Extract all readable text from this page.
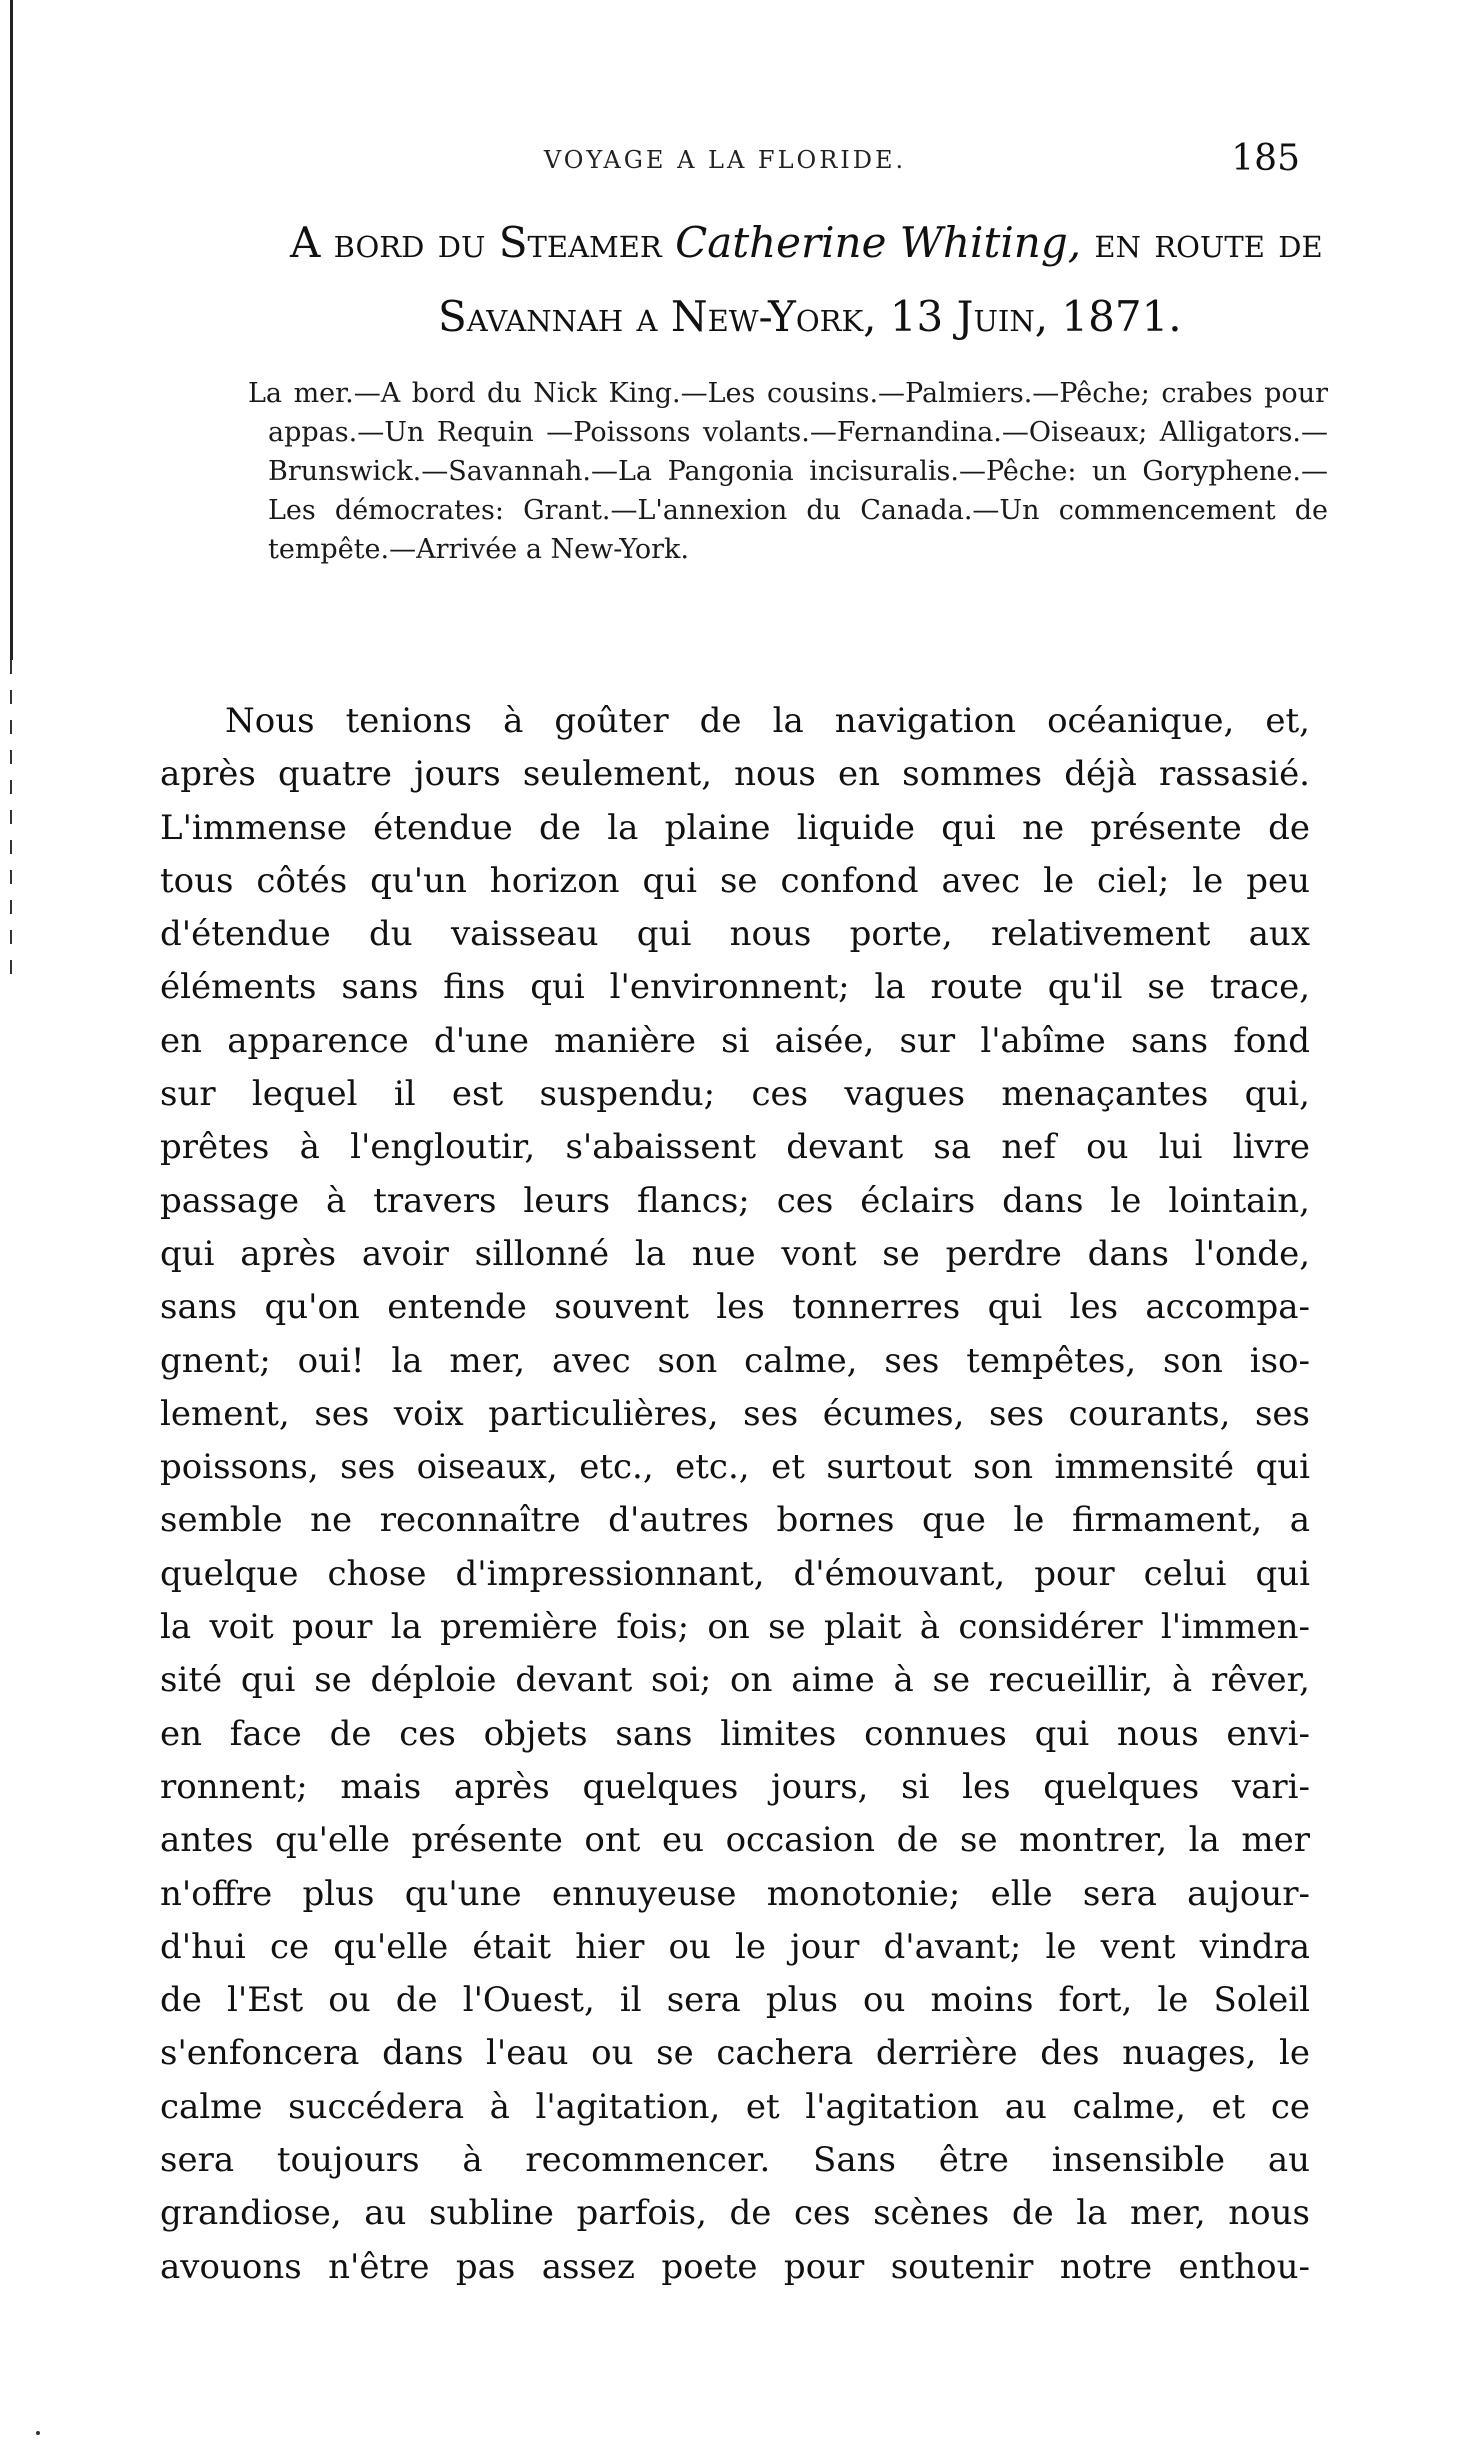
VOYAGE A LA FLORIDE.	185
A bord du Steamer Catherine Whiting, en route de
Savannah a New-York, 13 Juin, 1871.
La mer.—A bord du Nick King.—Les cousins.—Palmiers.—Pêche; crabes pour appas.—Un Requin —Poissons volants.—Fernandina.—Oiseaux; Alligators.—Brunswick.—Savannah.—La Pangonia incisuralis.—Pêche: un Goryphene.—Les démocrates: Grant.—L'annexion du Canada.—Un commencement de tempête.—Arrivée a New-York.
Nous tenions à goûter de la navigation océanique, et,
après quatre jours seulement, nous en sommes déjà rassasié.
L'immense étendue de la plaine liquide qui ne présente de
tous côtés qu'un horizon qui se confond avec le ciel; le peu
d'étendue du vaisseau qui nous porte, relativement aux
éléments sans fins qui l'environnent; la route qu'il se trace,
en apparence d'une manière si aisée, sur l'abîme sans fond
sur lequel il est suspendu; ces vagues menaçantes qui,
prêtes à l'engloutir, s'abaissent devant sa nef ou lui livre
passage à travers leurs flancs; ces éclairs dans le lointain,
qui après avoir sillonné la nue vont se perdre dans l'onde,
sans qu'on entende souvent les tonnerres qui les accompa-
gnent; oui! la mer, avec son calme, ses tempêtes, son iso-
lement, ses voix particulières, ses écumes, ses courants, ses
poissons, ses oiseaux, etc., etc., et surtout son immensité qui
semble ne reconnaître d'autres bornes que le firmament, a
quelque chose d'impressionnant, d'émouvant, pour celui qui
la voit pour la première fois; on se plait à considérer l'immen-
sité qui se déploie devant soi; on aime à se recueillir, à rêver,
en face de ces objets sans limites connues qui nous envi-
ronnent; mais après quelques jours, si les quelques vari-
antes qu'elle présente ont eu occasion de se montrer, la mer
n'offre plus qu'une ennuyeuse monotonie; elle sera aujour-
d'hui ce qu'elle était hier ou le jour d'avant; le vent vindra
de l'Est ou de l'Ouest, il sera plus ou moins fort, le Soleil
s'enfoncera dans l'eau ou se cachera derrière des nuages, le
calme succédera à l'agitation, et l'agitation au calme, et ce
sera toujours à recommencer. Sans être insensible au
grandiose, au subline parfois, de ces scènes de la mer, nous
avouons n'être pas assez poete pour soutenir notre enthou-
